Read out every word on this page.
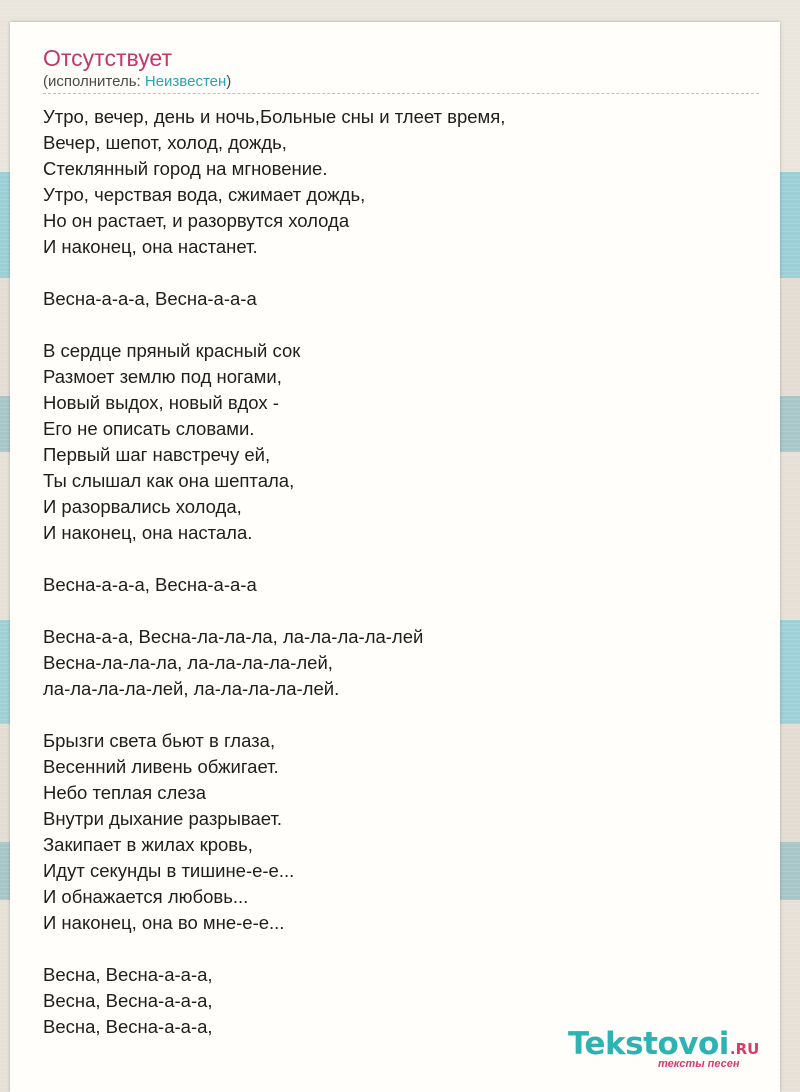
Отсутствует
(исполнитель: Неизвестен)
Утро, вечер, день и ночь,Больные сны и тлеет время,
Вечер, шепот, холод, дождь,
Стеклянный город на мгновение.
Утро, черствая вода, сжимает дождь,
Но он растает, и разорвутся холода
И наконец, она настанет.
Весна-а-а-а, Весна-а-а-а
В сердце пряный красный сок
Размоет землю под ногами,
Новый выдох, новый вдох -
Его не описать словами.
Первый шаг навстречу ей,
Ты слышал как она шептала,
И разорвались холода,
И наконец, она настала.
Весна-а-а-а, Весна-а-а-а
Весна-а-а, Весна-ла-ла-ла, ла-ла-ла-ла-лей
Весна-ла-ла-ла, ла-ла-ла-ла-лей,
ла-ла-ла-ла-лей, ла-ла-ла-ла-лей.
Брызги света бьют в глаза,
Весенний ливень обжигает.
Небо теплая слеза
Внутри дыхание разрывает.
Закипает в жилах кровь,
Идут секунды в тишине-е-е...
И обнажается любовь...
И наконец, она во мне-е-е...
Весна, Весна-а-а-а,
Весна, Весна-а-а-а,
Весна, Весна-а-а-а,	Tekstovoi.RU
тексты песен
